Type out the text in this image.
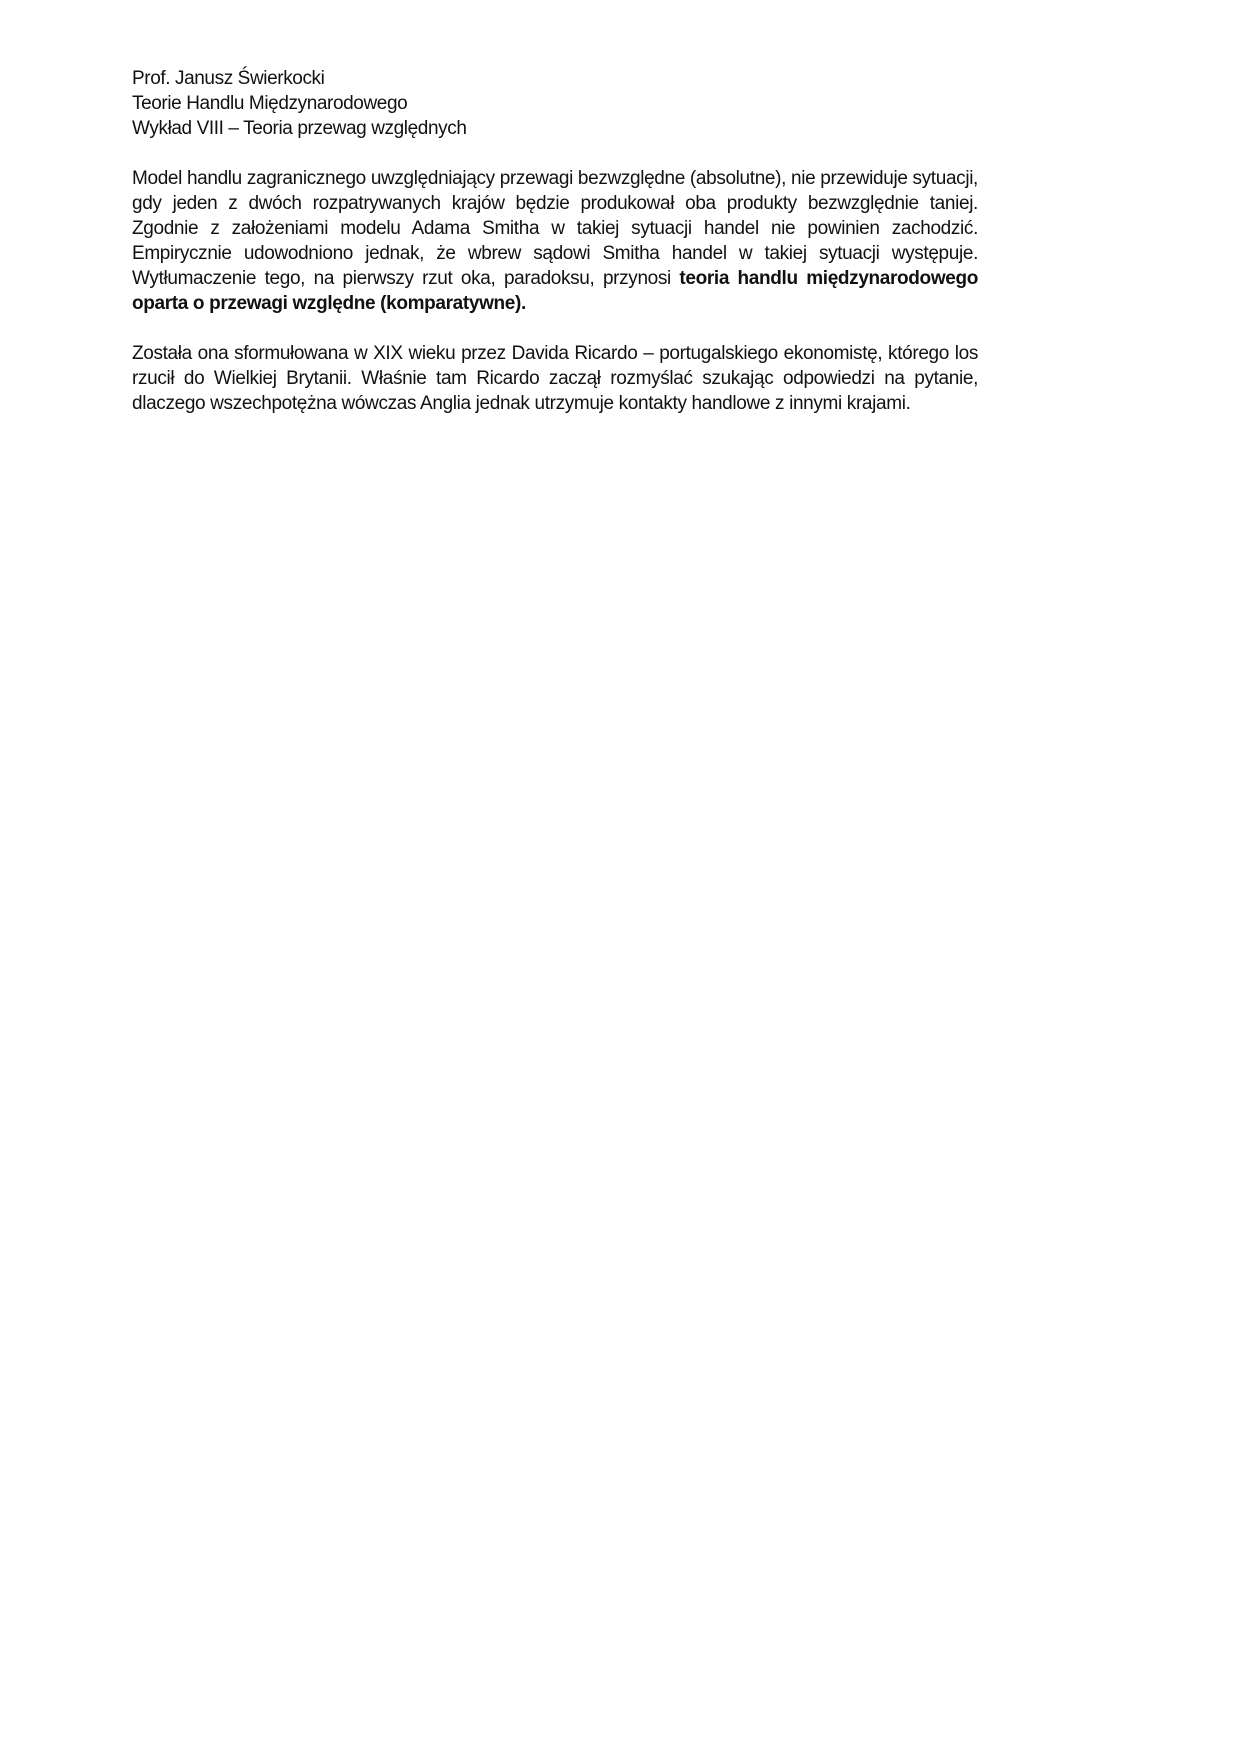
Prof. Janusz Świerkocki
Teorie Handlu Międzynarodowego
Wykład VIII – Teoria przewag względnych

Model handlu zagranicznego uwzględniający przewagi bezwzględne (absolutne), nie przewiduje sytuacji, gdy jeden z dwóch rozpatrywanych krajów będzie produkował oba produkty bezwzględnie taniej. Zgodnie z założeniami modelu Adama Smitha w takiej sytuacji handel nie powinien zachodzić. Empirycznie udowodniono jednak, że wbrew sądowi Smitha handel w takiej sytuacji występuje. Wytłumaczenie tego, na pierwszy rzut oka, paradoksu, przynosi teoria handlu międzynarodowego oparta o przewagi względne (komparatywne).

Została ona sformułowana w XIX wieku przez Davida Ricardo – portugalskiego ekonomistę, którego los rzucił do Wielkiej Brytanii. Właśnie tam Ricardo zaczął rozmyślać szukając odpowiedzi na pytanie, dlaczego wszechpotężna wówczas Anglia jednak utrzymuje kontakty handlowe z innymi krajami.
